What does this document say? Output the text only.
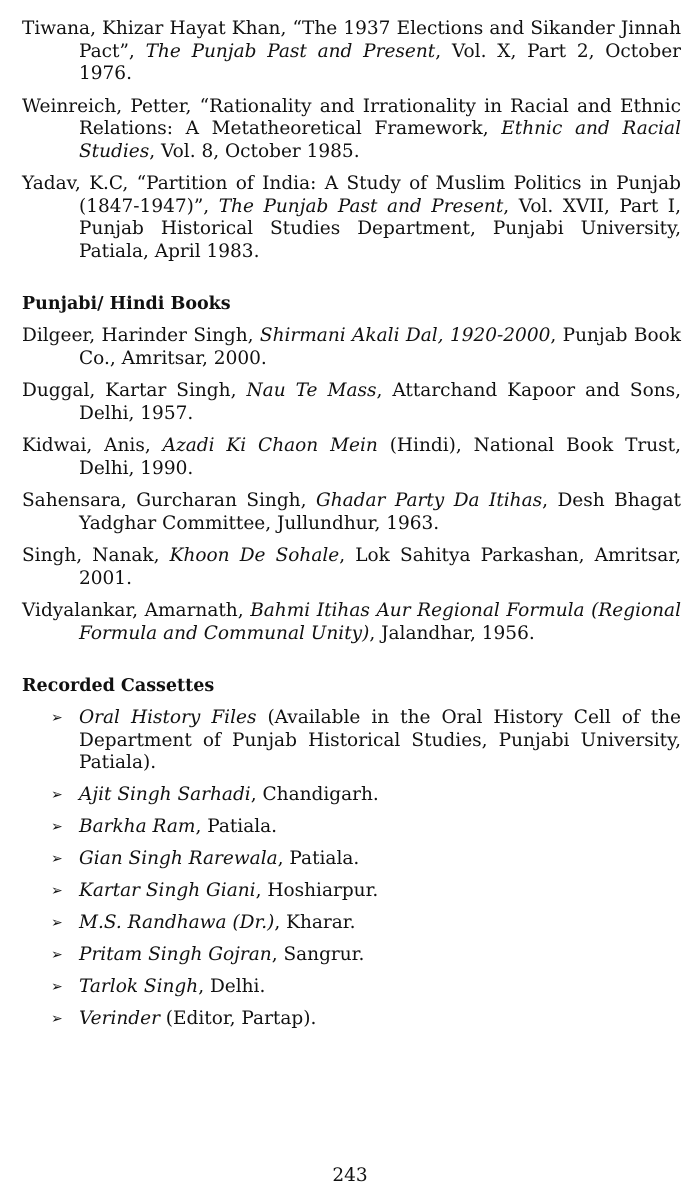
Tiwana, Khizar Hayat Khan, “The 1937 Elections and Sikander Jinnah Pact”, The Punjab Past and Present, Vol. X, Part 2, October 1976.

Weinreich, Petter, “Rationality and Irrationality in Racial and Ethnic Relations: A Metatheoretical Framework, Ethnic and Racial Studies, Vol. 8, October 1985.

Yadav, K.C, “Partition of India: A Study of Muslim Politics in Punjab (1847-1947)”, The Punjab Past and Present, Vol. XVII, Part I, Punjab Historical Studies Department, Punjabi University, Patiala, April 1983.

Punjabi/ Hindi Books

Dilgeer, Harinder Singh, Shirmani Akali Dal, 1920-2000, Punjab Book Co., Amritsar, 2000.

Duggal, Kartar Singh, Nau Te Mass, Attarchand Kapoor and Sons, Delhi, 1957.

Kidwai, Anis, Azadi Ki Chaon Mein (Hindi), National Book Trust, Delhi, 1990.

Sahensara, Gurcharan Singh, Ghadar Party Da Itihas, Desh Bhagat Yadghar Committee, Jullundhur, 1963.

Singh, Nanak, Khoon De Sohale, Lok Sahitya Parkashan, Amritsar, 2001.

Vidyalankar, Amarnath, Bahmi Itihas Aur Regional Formula (Regional Formula and Communal Unity), Jalandhar, 1956.

Recorded Cassettes
➢ Oral History Files (Available in the Oral History Cell of the Department of Punjab Historical Studies, Punjabi University, Patiala).
➢ Ajit Singh Sarhadi, Chandigarh.
➢ Barkha Ram, Patiala.
➢ Gian Singh Rarewala, Patiala.
➢ Kartar Singh Giani, Hoshiarpur.
➢ M.S. Randhawa (Dr.), Kharar.
➢ Pritam Singh Gojran, Sangrur.
➢ Tarlok Singh, Delhi.
➢ Verinder (Editor, Partap).
243
